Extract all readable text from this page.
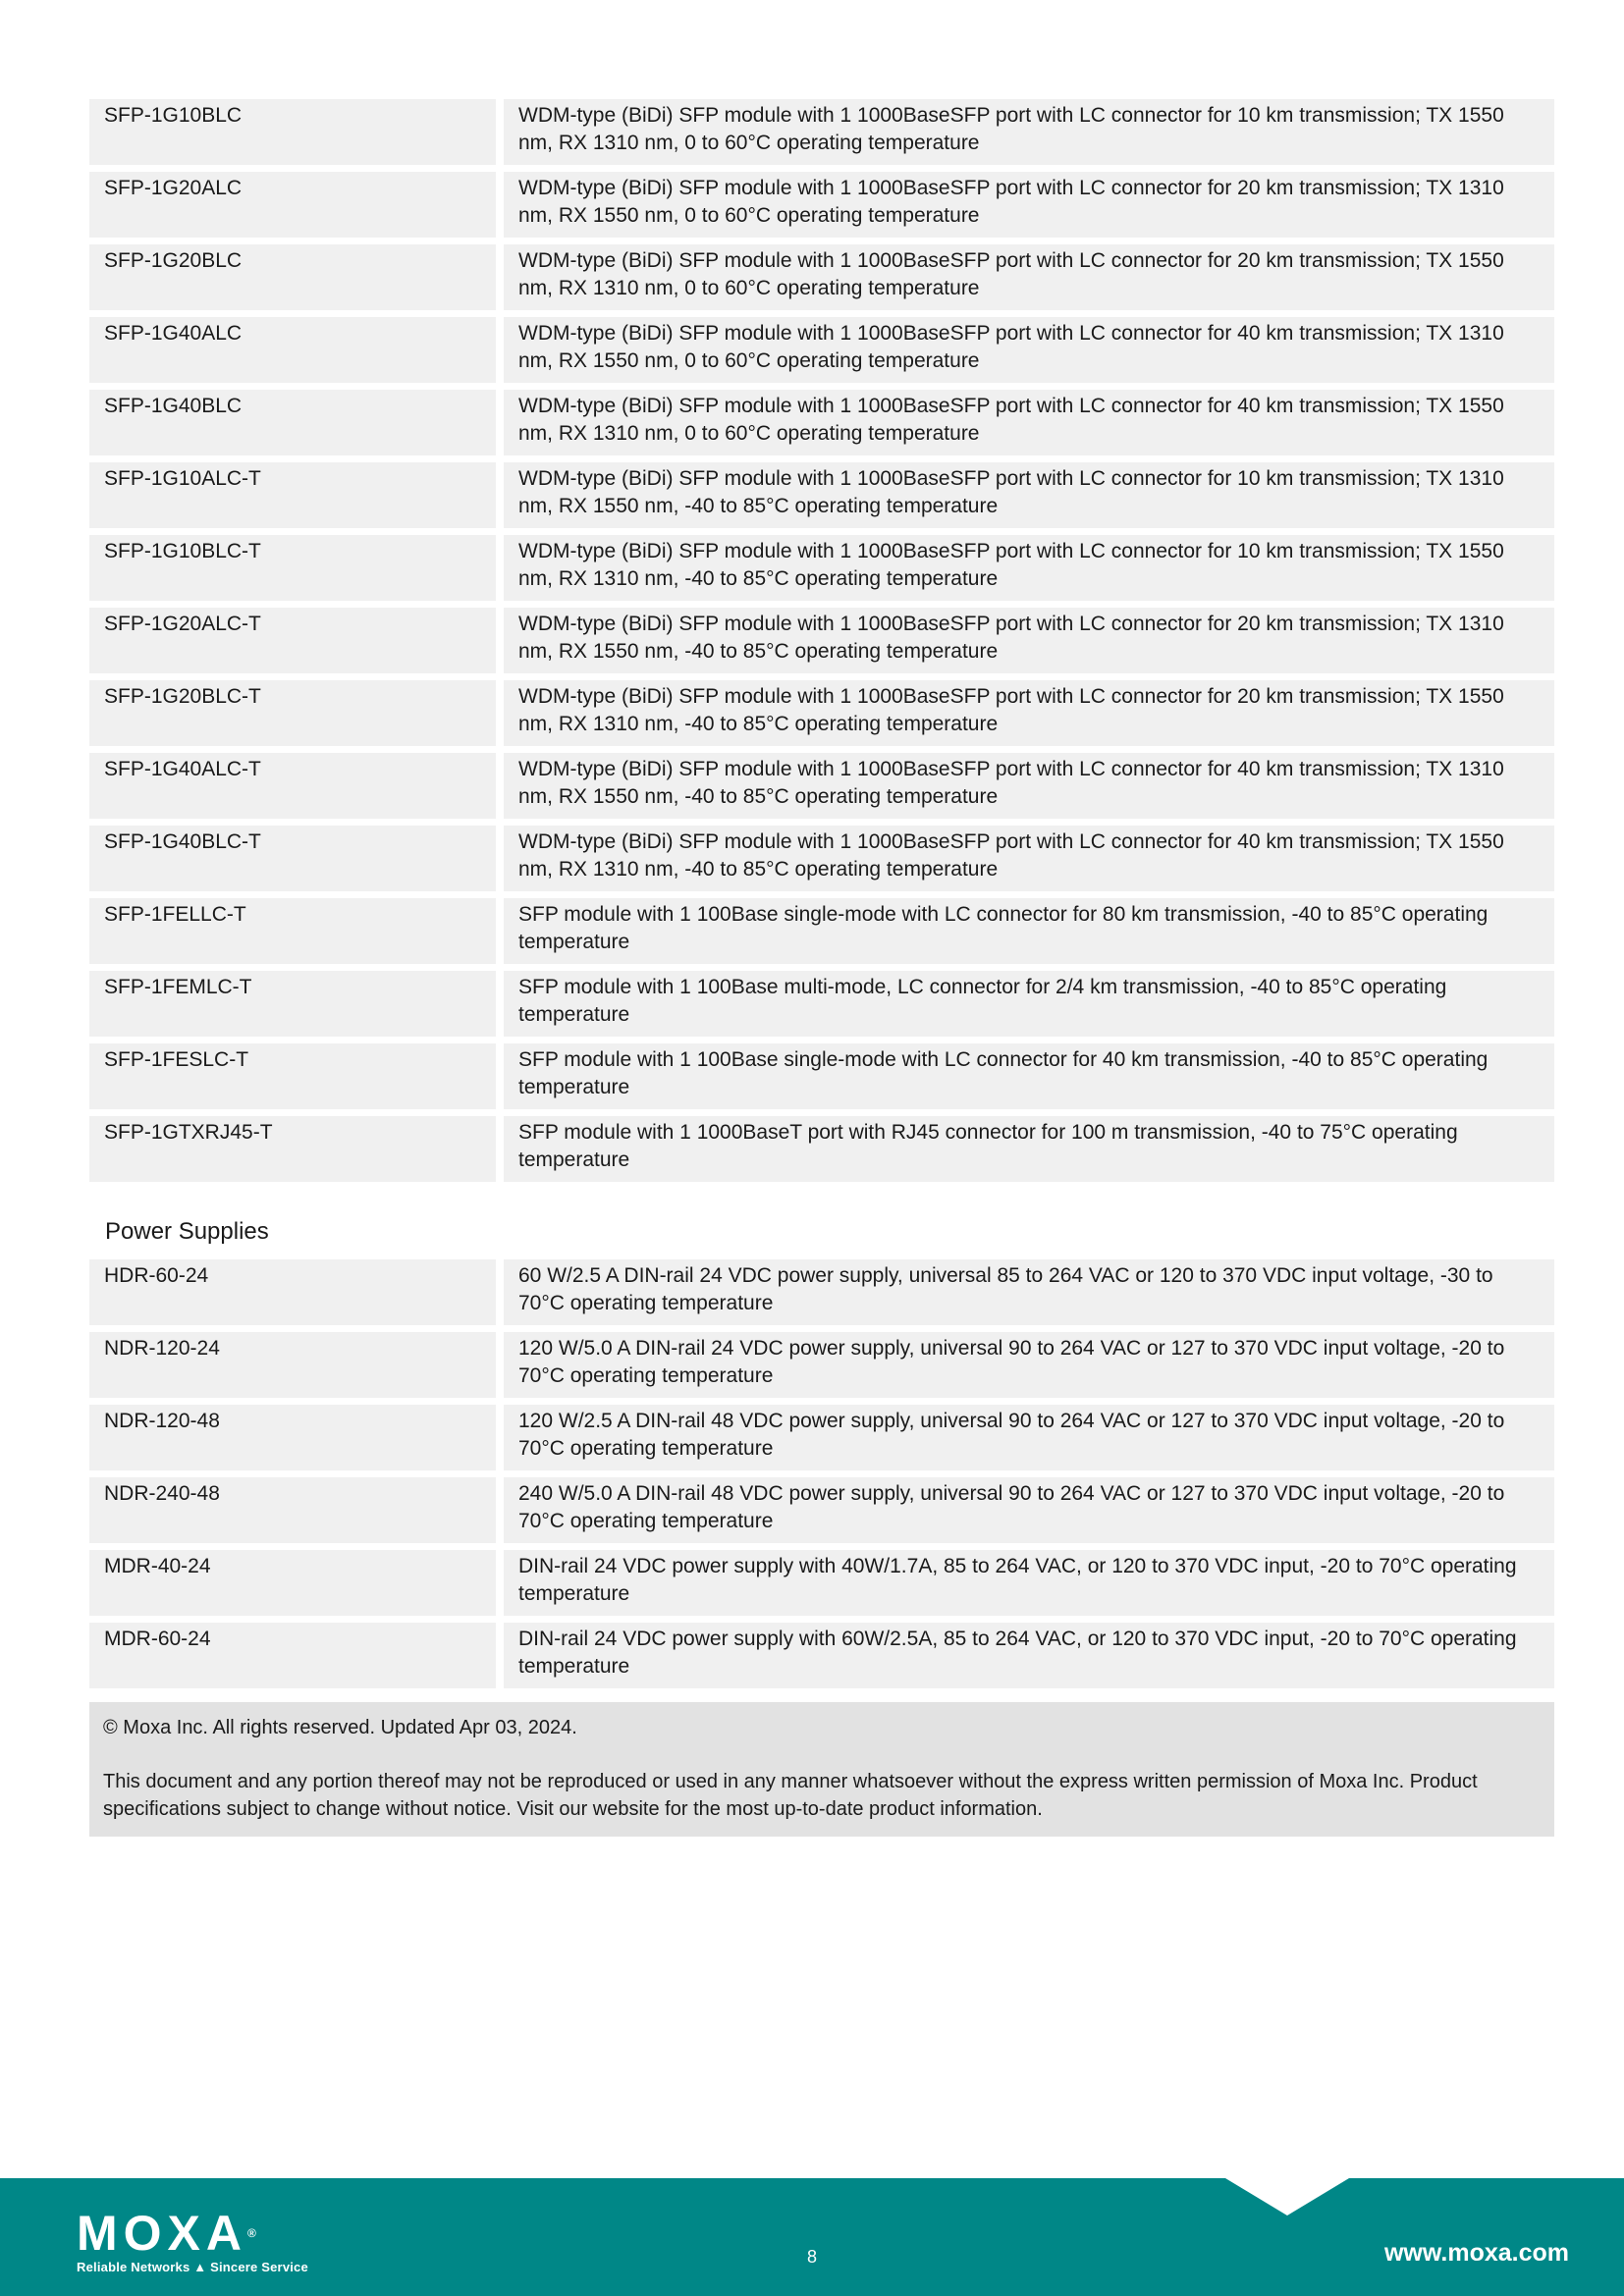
SFP-1G10BLC	WDM-type (BiDi) SFP module with 1 1000BaseSFP port with LC connector for 10 km transmission; TX 1550 nm, RX 1310 nm, 0 to 60°C operating temperature
SFP-1G20ALC	WDM-type (BiDi) SFP module with 1 1000BaseSFP port with LC connector for 20 km transmission; TX 1310 nm, RX 1550 nm, 0 to 60°C operating temperature
SFP-1G20BLC	WDM-type (BiDi) SFP module with 1 1000BaseSFP port with LC connector for 20 km transmission; TX 1550 nm, RX 1310 nm, 0 to 60°C operating temperature
SFP-1G40ALC	WDM-type (BiDi) SFP module with 1 1000BaseSFP port with LC connector for 40 km transmission; TX 1310 nm, RX 1550 nm, 0 to 60°C operating temperature
SFP-1G40BLC	WDM-type (BiDi) SFP module with 1 1000BaseSFP port with LC connector for 40 km transmission; TX 1550 nm, RX 1310 nm, 0 to 60°C operating temperature
SFP-1G10ALC-T	WDM-type (BiDi) SFP module with 1 1000BaseSFP port with LC connector for 10 km transmission; TX 1310 nm, RX 1550 nm, -40 to 85°C operating temperature
SFP-1G10BLC-T	WDM-type (BiDi) SFP module with 1 1000BaseSFP port with LC connector for 10 km transmission; TX 1550 nm, RX 1310 nm, -40 to 85°C operating temperature
SFP-1G20ALC-T	WDM-type (BiDi) SFP module with 1 1000BaseSFP port with LC connector for 20 km transmission; TX 1310 nm, RX 1550 nm, -40 to 85°C operating temperature
SFP-1G20BLC-T	WDM-type (BiDi) SFP module with 1 1000BaseSFP port with LC connector for 20 km transmission; TX 1550 nm, RX 1310 nm, -40 to 85°C operating temperature
SFP-1G40ALC-T	WDM-type (BiDi) SFP module with 1 1000BaseSFP port with LC connector for 40 km transmission; TX 1310 nm, RX 1550 nm, -40 to 85°C operating temperature
SFP-1G40BLC-T	WDM-type (BiDi) SFP module with 1 1000BaseSFP port with LC connector for 40 km transmission; TX 1550 nm, RX 1310 nm, -40 to 85°C operating temperature
SFP-1FELLC-T	SFP module with 1 100Base single-mode with LC connector for 80 km transmission, -40 to 85°C operating temperature
SFP-1FEMLC-T	SFP module with 1 100Base multi-mode, LC connector for 2/4 km transmission, -40 to 85°C operating temperature
SFP-1FESLC-T	SFP module with 1 100Base single-mode with LC connector for 40 km transmission, -40 to 85°C operating temperature
SFP-1GTXRJ45-T	SFP module with 1 1000BaseT port with RJ45 connector for 100 m transmission, -40 to 75°C operating temperature
Power Supplies
HDR-60-24	60 W/2.5 A DIN-rail 24 VDC power supply, universal 85 to 264 VAC or 120 to 370 VDC input voltage, -30 to 70°C operating temperature
NDR-120-24	120 W/5.0 A DIN-rail 24 VDC power supply, universal 90 to 264 VAC or 127 to 370 VDC input voltage, -20 to 70°C operating temperature
NDR-120-48	120 W/2.5 A DIN-rail 48 VDC power supply, universal 90 to 264 VAC or 127 to 370 VDC input voltage, -20 to 70°C operating temperature
NDR-240-48	240 W/5.0 A DIN-rail 48 VDC power supply, universal 90 to 264 VAC or 127 to 370 VDC input voltage, -20 to 70°C operating temperature
MDR-40-24	DIN-rail 24 VDC power supply with 40W/1.7A, 85 to 264 VAC, or 120 to 370 VDC input, -20 to 70°C operating temperature
MDR-60-24	DIN-rail 24 VDC power supply with 60W/2.5A, 85 to 264 VAC, or 120 to 370 VDC input, -20 to 70°C operating temperature

© Moxa Inc. All rights reserved. Updated Apr 03, 2024.

This document and any portion thereof may not be reproduced or used in any manner whatsoever without the express written permission of Moxa Inc. Product specifications subject to change without notice. Visit our website for the most up-to-date product information.

MOXA®
Reliable Networks ▲ Sincere Service
8	www.moxa.com
